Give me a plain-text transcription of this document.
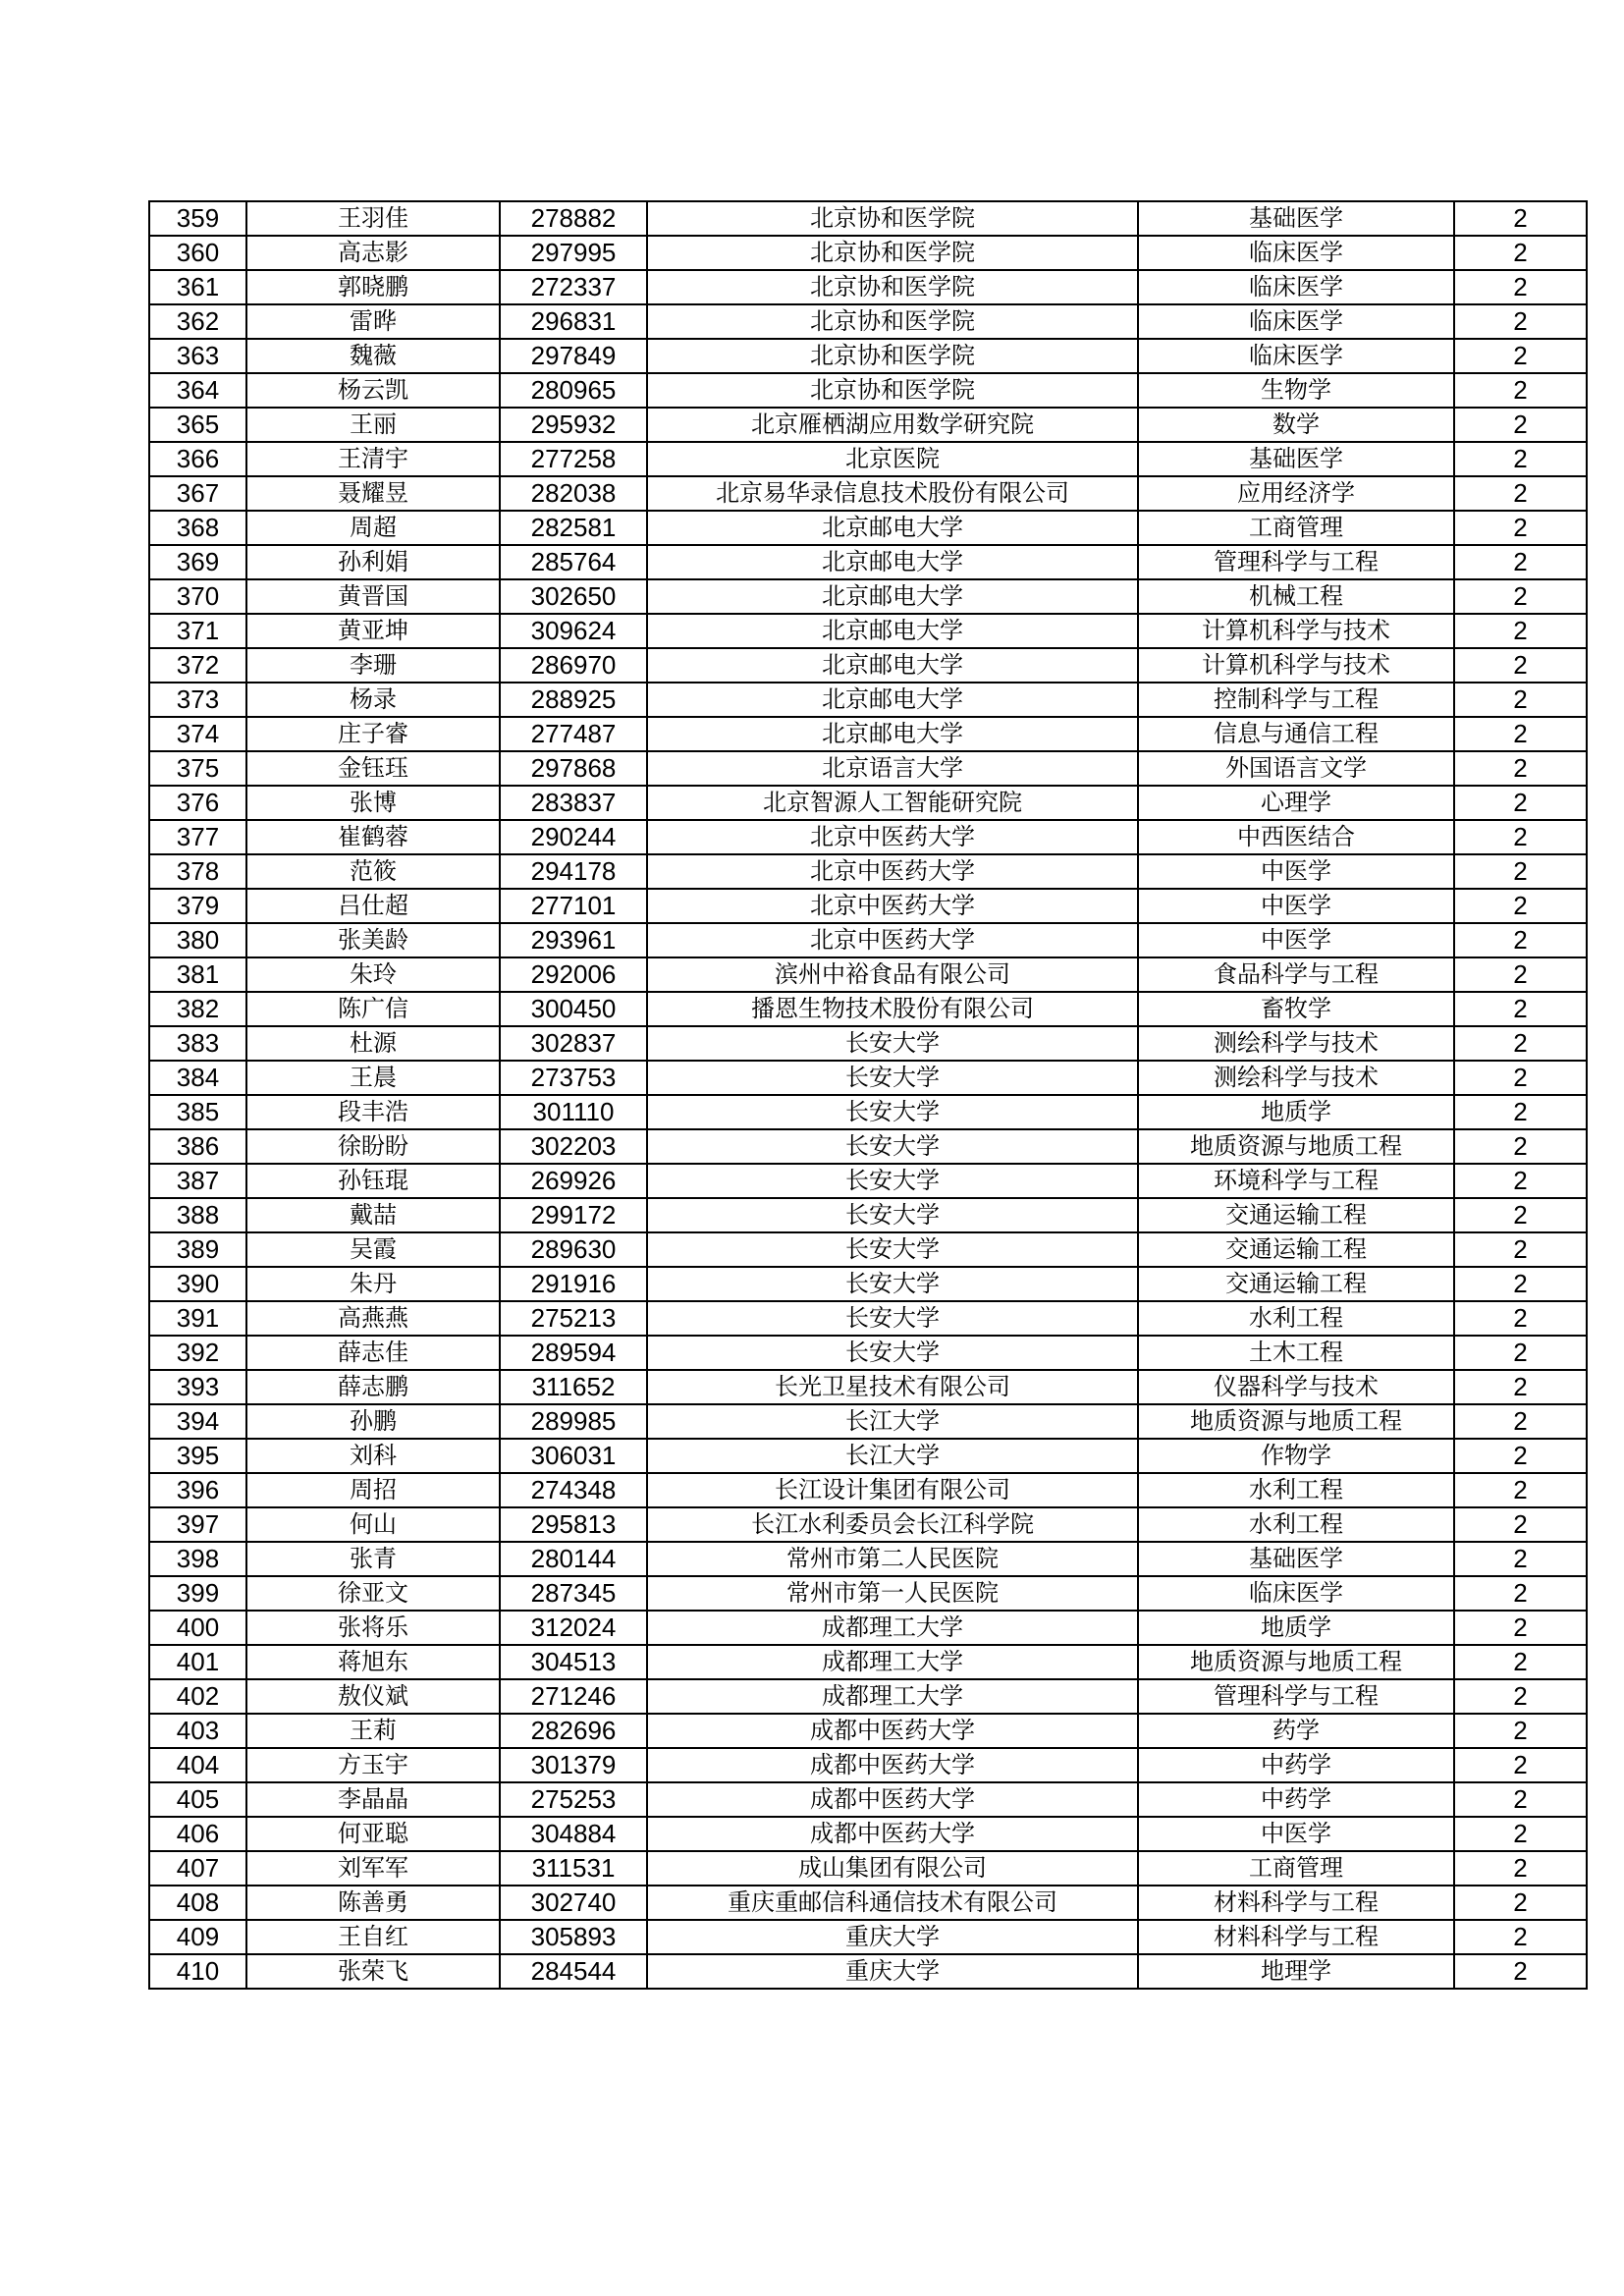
359	王羽佳	278882	北京协和医学院	基础医学	2
360	高志影	297995	北京协和医学院	临床医学	2
361	郭晓鹏	272337	北京协和医学院	临床医学	2
362	雷晔	296831	北京协和医学院	临床医学	2
363	魏薇	297849	北京协和医学院	临床医学	2
364	杨云凯	280965	北京协和医学院	生物学	2
365	王丽	295932	北京雁栖湖应用数学研究院	数学	2
366	王清宇	277258	北京医院	基础医学	2
367	聂耀昱	282038	北京易华录信息技术股份有限公司	应用经济学	2
368	周超	282581	北京邮电大学	工商管理	2
369	孙利娟	285764	北京邮电大学	管理科学与工程	2
370	黄晋国	302650	北京邮电大学	机械工程	2
371	黄亚坤	309624	北京邮电大学	计算机科学与技术	2
372	李珊	286970	北京邮电大学	计算机科学与技术	2
373	杨录	288925	北京邮电大学	控制科学与工程	2
374	庄子睿	277487	北京邮电大学	信息与通信工程	2
375	金钰珏	297868	北京语言大学	外国语言文学	2
376	张博	283837	北京智源人工智能研究院	心理学	2
377	崔鹤蓉	290244	北京中医药大学	中西医结合	2
378	范筱	294178	北京中医药大学	中医学	2
379	吕仕超	277101	北京中医药大学	中医学	2
380	张美龄	293961	北京中医药大学	中医学	2
381	朱玲	292006	滨州中裕食品有限公司	食品科学与工程	2
382	陈广信	300450	播恩生物技术股份有限公司	畜牧学	2
383	杜源	302837	长安大学	测绘科学与技术	2
384	王晨	273753	长安大学	测绘科学与技术	2
385	段丰浩	301110	长安大学	地质学	2
386	徐盼盼	302203	长安大学	地质资源与地质工程	2
387	孙钰琨	269926	长安大学	环境科学与工程	2
388	戴喆	299172	长安大学	交通运输工程	2
389	吴霞	289630	长安大学	交通运输工程	2
390	朱丹	291916	长安大学	交通运输工程	2
391	高燕燕	275213	长安大学	水利工程	2
392	薛志佳	289594	长安大学	土木工程	2
393	薛志鹏	311652	长光卫星技术有限公司	仪器科学与技术	2
394	孙鹏	289985	长江大学	地质资源与地质工程	2
395	刘科	306031	长江大学	作物学	2
396	周招	274348	长江设计集团有限公司	水利工程	2
397	何山	295813	长江水利委员会长江科学院	水利工程	2
398	张青	280144	常州市第二人民医院	基础医学	2
399	徐亚文	287345	常州市第一人民医院	临床医学	2
400	张将乐	312024	成都理工大学	地质学	2
401	蒋旭东	304513	成都理工大学	地质资源与地质工程	2
402	敖仪斌	271246	成都理工大学	管理科学与工程	2
403	王莉	282696	成都中医药大学	药学	2
404	方玉宇	301379	成都中医药大学	中药学	2
405	李晶晶	275253	成都中医药大学	中药学	2
406	何亚聪	304884	成都中医药大学	中医学	2
407	刘军军	311531	成山集团有限公司	工商管理	2
408	陈善勇	302740	重庆重邮信科通信技术有限公司	材料科学与工程	2
409	王自红	305893	重庆大学	材料科学与工程	2
410	张荣飞	284544	重庆大学	地理学	2
